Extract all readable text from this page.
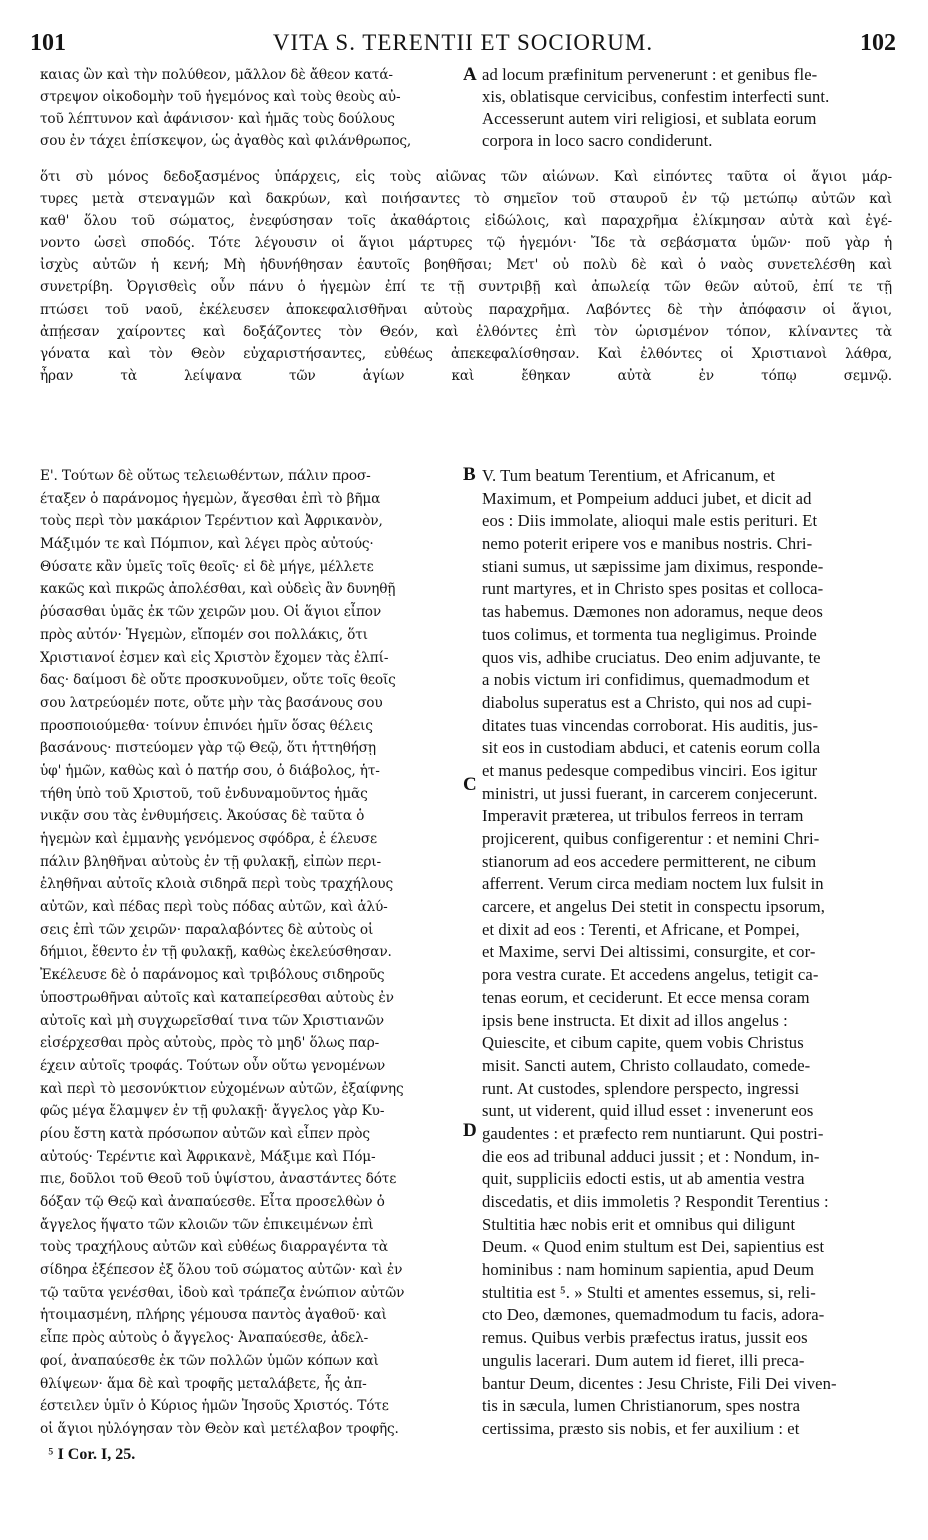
101	VITA S. TERENTII ET SOCIORUM.	102
A
B
C
D
καιας ὢν καὶ τὴν πολύθεον, μᾶλλον δὲ ἄθεον κατά-
στρεψον οἰκοδομὴν τοῦ ἡγεμόνος καὶ τοὺς θεοὺς αὐ-
τοῦ λέπτυνον καὶ ἀφάνισον· καὶ ἡμᾶς τοὺς δούλους
σου ἐν τάχει ἐπίσκεψον, ὡς ἀγαθὸς καὶ φιλάνθρωπος,
ad locum præfinitum pervenerunt : et genibus fle-
xis, oblatisque cervicibus, confestim interfecti sunt.
Accesserunt autem viri religiosi, et sublata eorum
corpora in loco sacro condiderunt.
ὅτι σὺ μόνος δεδοξασμένος ὑπάρχεις, εἰς τοὺς αἰῶνας τῶν αἰώνων. Καὶ εἰπόντες ταῦτα οἱ ἅγιοι μάρ-
τυρες μετὰ στεναγμῶν καὶ δακρύων, καὶ ποιήσαντες τὸ σημεῖον τοῦ σταυροῦ ἐν τῷ μετώπῳ αὐτῶν καὶ
καθ' ὅλου τοῦ σώματος, ἐνεφύσησαν τοῖς ἀκαθάρτοις εἰδώλοις, καὶ παραχρῆμα ἐλίκμησαν αὐτὰ καὶ ἐγέ-
νοντο ὡσεὶ σποδός. Τότε λέγουσιν οἱ ἅγιοι μάρτυρες τῷ ἡγεμόνι· Ἴδε τὰ σεβάσματα ὑμῶν· ποῦ γὰρ ἡ
ἰσχὺς αὐτῶν ἡ κενή; Μὴ ἠδυνήθησαν ἑαυτοῖς βοηθῆσαι; Μετ' οὐ πολὺ δὲ καὶ ὁ ναὸς συνετελέσθη καὶ
συνετρίβη. Ὀργισθεὶς οὖν πάνυ ὁ ἡγεμὼν ἐπί τε τῇ συντριβῇ καὶ ἀπωλείᾳ τῶν θεῶν αὐτοῦ, ἐπί τε τῇ
πτώσει τοῦ ναοῦ, ἐκέλευσεν ἀποκεφαλισθῆναι αὐτοὺς παραχρῆμα. Λαβόντες δὲ τὴν ἀπόφασιν οἱ ἅγιοι,
ἀπῄεσαν χαίροντες καὶ δοξάζοντες τὸν Θεόν, καὶ ἐλθόντες ἐπὶ τὸν ὡρισμένον τόπον, κλίναντες τὰ
γόνατα καὶ τὸν Θεὸν εὐχαριστήσαντες, εὐθέως ἀπεκεφαλίσθησαν. Καὶ ἐλθόντες οἱ Χριστιανοὶ λάθρα,
ἦραν τὰ λείψανα τῶν ἁγίων καὶ ἔθηκαν αὐτὰ ἐν τόπῳ σεμνῷ.
Ε'. Τούτων δὲ οὕτως τελειωθέντων, πάλιν προσ-
έταξεν ὁ παράνομος ἡγεμὼν, ἄγεσθαι ἐπὶ τὸ βῆμα
τοὺς περὶ τὸν μακάριον Τερέντιον καὶ Ἀφρικανὸν,
Μάξιμόν τε καὶ Πόμπιον, καὶ λέγει πρὸς αὐτούς·
Θύσατε κἂν ὑμεῖς τοῖς θεοῖς· εἰ δὲ μήγε, μέλλετε
κακῶς καὶ πικρῶς ἀπολέσθαι, καὶ οὐδεὶς ἂν δυνηθῇ
ῥύσασθαι ὑμᾶς ἐκ τῶν χειρῶν μου. Οἱ ἅγιοι εἶπον
πρὸς αὐτόν· Ἡγεμὼν, εἴπομέν σοι πολλάκις, ὅτι
Χριστιανοί ἐσμεν καὶ εἰς Χριστὸν ἔχομεν τὰς ἐλπί-
δας· δαίμοσι δὲ οὔτε προσκυνοῦμεν, οὔτε τοῖς θεοῖς
σου λατρεύομέν ποτε, οὔτε μὴν τὰς βασάνους σου
προσποιούμεθα· τοίνυν ἐπινόει ἡμῖν ὅσας θέλεις
βασάνους· πιστεύομεν γὰρ τῷ Θεῷ, ὅτι ἡττηθήσῃ
ὑφ' ἡμῶν, καθὼς καὶ ὁ πατήρ σου, ὁ διάβολος, ἡτ-
τήθη ὑπὸ τοῦ Χριστοῦ, τοῦ ἐνδυναμοῦντος ἡμᾶς
νικᾷν σου τὰς ἐνθυμήσεις. Ἀκούσας δὲ ταῦτα ὁ
ἡγεμὼν καὶ ἐμμανὴς γενόμενος σφόδρα, ἐ έλευσε
πάλιν βληθῆναι αὐτοὺς ἐν τῇ φυλακῇ, εἰπὼν περι-
ἐληθῆναι αὐτοῖς κλοιὰ σιδηρᾶ περὶ τοὺς τραχήλους
αὐτῶν, καὶ πέδας περὶ τοὺς πόδας αὐτῶν, καὶ ἁλύ-
σεις ἐπὶ τῶν χειρῶν· παραλαβόντες δὲ αὐτοὺς οἱ
δήμιοι, ἔθεντο ἐν τῇ φυλακῇ, καθὼς ἐκελεύσθησαν.
Ἐκέλευσε δὲ ὁ παράνομος καὶ τριβόλους σιδηροῦς
ὑποστρωθῆναι αὐτοῖς καὶ καταπείρεσθαι αὐτοὺς ἐν
αὐτοῖς καὶ μὴ συγχωρεῖσθαί τινα τῶν Χριστιανῶν
εἰσέρχεσθαι πρὸς αὐτοὺς, πρὸς τὸ μηδ' ὅλως παρ-
έχειν αὐτοῖς τροφάς. Τούτων οὖν οὕτω γενομένων
καὶ περὶ τὸ μεσονύκτιον εὐχομένων αὐτῶν, ἐξαίφνης
φῶς μέγα ἔλαμψεν ἐν τῇ φυλακῇ· ἄγγελος γὰρ Κυ-
ρίου ἔστη κατὰ πρόσωπον αὐτῶν καὶ εἶπεν πρὸς
αὐτούς· Τερέντιε καὶ Ἀφρικανὲ, Μάξιμε καὶ Πόμ-
πιε, δοῦλοι τοῦ Θεοῦ τοῦ ὑψίστου, ἀναστάντες δότε
δόξαν τῷ Θεῷ καὶ ἀναπαύεσθε. Εἶτα προσελθὼν ὁ
ἄγγελος ἥψατο τῶν κλοιῶν τῶν ἐπικειμένων ἐπὶ
τοὺς τραχήλους αὐτῶν καὶ εὐθέως διαρραγέντα τὰ
σίδηρα ἐξέπεσον ἐξ ὅλου τοῦ σώματος αὐτῶν· καὶ ἐν
τῷ ταῦτα γενέσθαι, ἰδοὺ καὶ τράπεζα ἐνώπιον αὐτῶν
ἡτοιμασμένη, πλήρης γέμουσα παντὸς ἀγαθοῦ· καὶ
εἶπε πρὸς αὐτοὺς ὁ ἄγγελος· Ἀναπαύεσθε, ἀδελ-
φοί, ἀναπαύεσθε ἐκ τῶν πολλῶν ὑμῶν κόπων καὶ
θλίψεων· ἅμα δὲ καὶ τροφῆς μεταλάβετε, ἧς ἀπ-
έστειλεν ὑμῖν ὁ Κύριος ἡμῶν Ἰησοῦς Χριστός. Τότε
οἱ ἅγιοι ηὐλόγησαν τὸν Θεὸν καὶ μετέλαβον τροφῆς.
V. Tum beatum Terentium, et Africanum, et
Maximum, et Pompeium adduci jubet, et dicit ad
eos : Diis immolate, alioqui male estis perituri. Et
nemo poterit eripere vos e manibus nostris. Chri-
stiani sumus, ut sæpissime jam diximus, responde-
runt martyres, et in Christo spes positas et colloca-
tas habemus. Dæmones non adoramus, neque deos
tuos colimus, et tormenta tua negligimus. Proinde
quos vis, adhibe cruciatus. Deo enim adjuvante, te
a nobis victum iri confidimus, quemadmodum et
diabolus superatus est a Christo, qui nos ad cupi-
ditates tuas vincendas corroborat. His auditis, jus-
sit eos in custodiam abduci, et catenis eorum colla
et manus pedesque compedibus vinciri. Eos igitur
ministri, ut jussi fuerant, in carcerem conjecerunt.
Imperavit præterea, ut tribulos ferreos in terram
projicerent, quibus configerentur : et nemini Chri-
stianorum ad eos accedere permitterent, ne cibum
afferrent. Verum circa mediam noctem lux fulsit in
carcere, et angelus Dei stetit in conspectu ipsorum,
et dixit ad eos : Terenti, et Africane, et Pompei,
et Maxime, servi Dei altissimi, consurgite, et cor-
pora vestra curate. Et accedens angelus, tetigit ca-
tenas eorum, et ceciderunt. Et ecce mensa coram
ipsis bene instructa. Et dixit ad illos angelus :
Quiescite, et cibum capite, quem vobis Christus
misit. Sancti autem, Christo collaudato, comede-
runt. At custodes, splendore perspecto, ingressi
sunt, ut viderent, quid illud esset : invenerunt eos
gaudentes : et præfecto rem nuntiarunt. Qui postri-
die eos ad tribunal adduci jussit ; et : Nondum, in-
quit, suppliciis edocti estis, ut ab amentia vestra
discedatis, et diis immoletis ? Respondit Terentius :
Stultitia hæc nobis erit et omnibus qui diligunt
Deum. « Quod enim stultum est Dei, sapientius est
hominibus : nam hominum sapientia, apud Deum
stultitia est ⁵. » Stulti et amentes essemus, si, reli-
cto Deo, dæmones, quemadmodum tu facis, adora-
remus. Quibus verbis præfectus iratus, jussit eos
ungulis lacerari. Dum autem id fieret, illi preca-
bantur Deum, dicentes : Jesu Christe, Fili Dei viven-
tis in sæcula, lumen Christianorum, spes nostra
certissima, præsto sis nobis, et fer auxilium : et
⁵ I Cor. I, 25.
